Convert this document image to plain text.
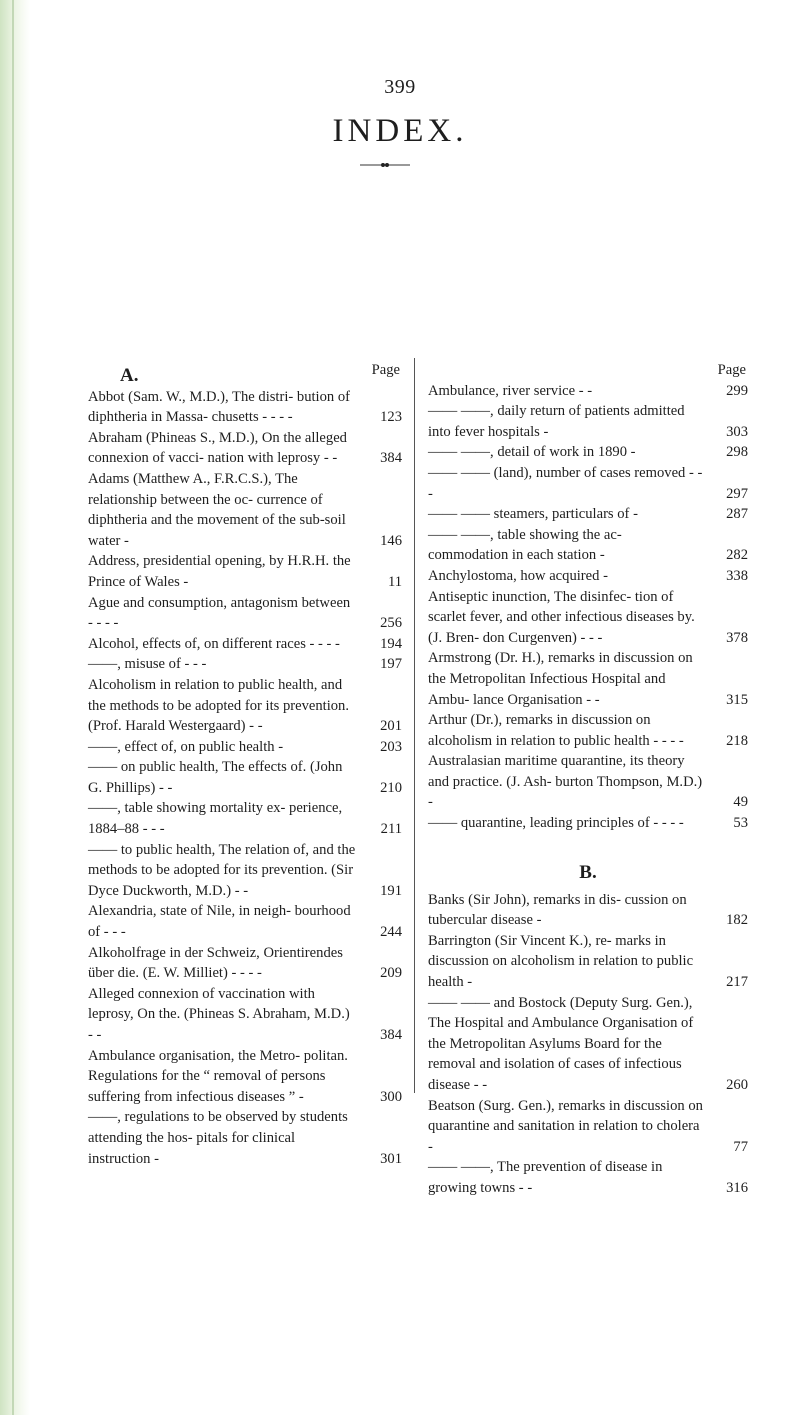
399
INDEX.
Page
A.
Abbot (Sam. W., M.D.), The distri- bution of diphtheria in Massa- chusetts - - - -	123
Abraham (Phineas S., M.D.), On the alleged connexion of vacci- nation with leprosy - -	384
Adams (Matthew A., F.R.C.S.), The relationship between the oc- currence of diphtheria and the movement of the sub-soil water -	146
Address, presidential opening, by H.R.H. the Prince of Wales -	11
Ague and consumption, antagonism between - - - -	256
Alcohol, effects of, on different races - - - -	194
——, misuse of - - -	197
Alcoholism in relation to public health, and the methods to be adopted for its prevention. (Prof. Harald Westergaard) - -	201
——, effect of, on public health -	203
—— on public health, The effects of. (John G. Phillips) - -	210
——, table showing mortality ex- perience, 1884–88 - - -	211
—— to public health, The relation of, and the methods to be adopted for its prevention. (Sir Dyce Duckworth, M.D.) - -	191
Alexandria, state of Nile, in neigh- bourhood of - - -	244
Alkoholfrage in der Schweiz, Orientirendes über die. (E. W. Milliet) - - - -	209
Alleged connexion of vaccination with leprosy, On the. (Phineas S. Abraham, M.D.) - -	384
Ambulance organisation, the Metro- politan. Regulations for the “ removal of persons suffering from infectious diseases ” -	300
——, regulations to be observed by students attending the hos- pitals for clinical instruction -	301
Page
Ambulance, river service - -	299
—— ——, daily return of patients admitted into fever hospitals -	303
—— ——, detail of work in 1890 -	298
—— —— (land), number of cases removed - - -	297
—— —— steamers, particulars of -	287
—— ——, table showing the ac- commodation in each station -	282
Anchylostoma, how acquired -	338
Antiseptic inunction, The disinfec- tion of scarlet fever, and other infectious diseases by. (J. Bren- don Curgenven) - - -	378
Armstrong (Dr. H.), remarks in discussion on the Metropolitan Infectious Hospital and Ambu- lance Organisation - -	315
Arthur (Dr.), remarks in discussion on alcoholism in relation to public health - - - -	218
Australasian maritime quarantine, its theory and practice. (J. Ash- burton Thompson, M.D.) -	49
—— quarantine, leading principles of - - - -	53
B.
Banks (Sir John), remarks in dis- cussion on tubercular disease -	182
Barrington (Sir Vincent K.), re- marks in discussion on alcoholism in relation to public health -	217
—— —— and Bostock (Deputy Surg. Gen.), The Hospital and Ambulance Organisation of the Metropolitan Asylums Board for the removal and isolation of cases of infectious disease - -	260
Beatson (Surg. Gen.), remarks in discussion on quarantine and sanitation in relation to cholera -	77
—— ——, The prevention of disease in growing towns - -	316
